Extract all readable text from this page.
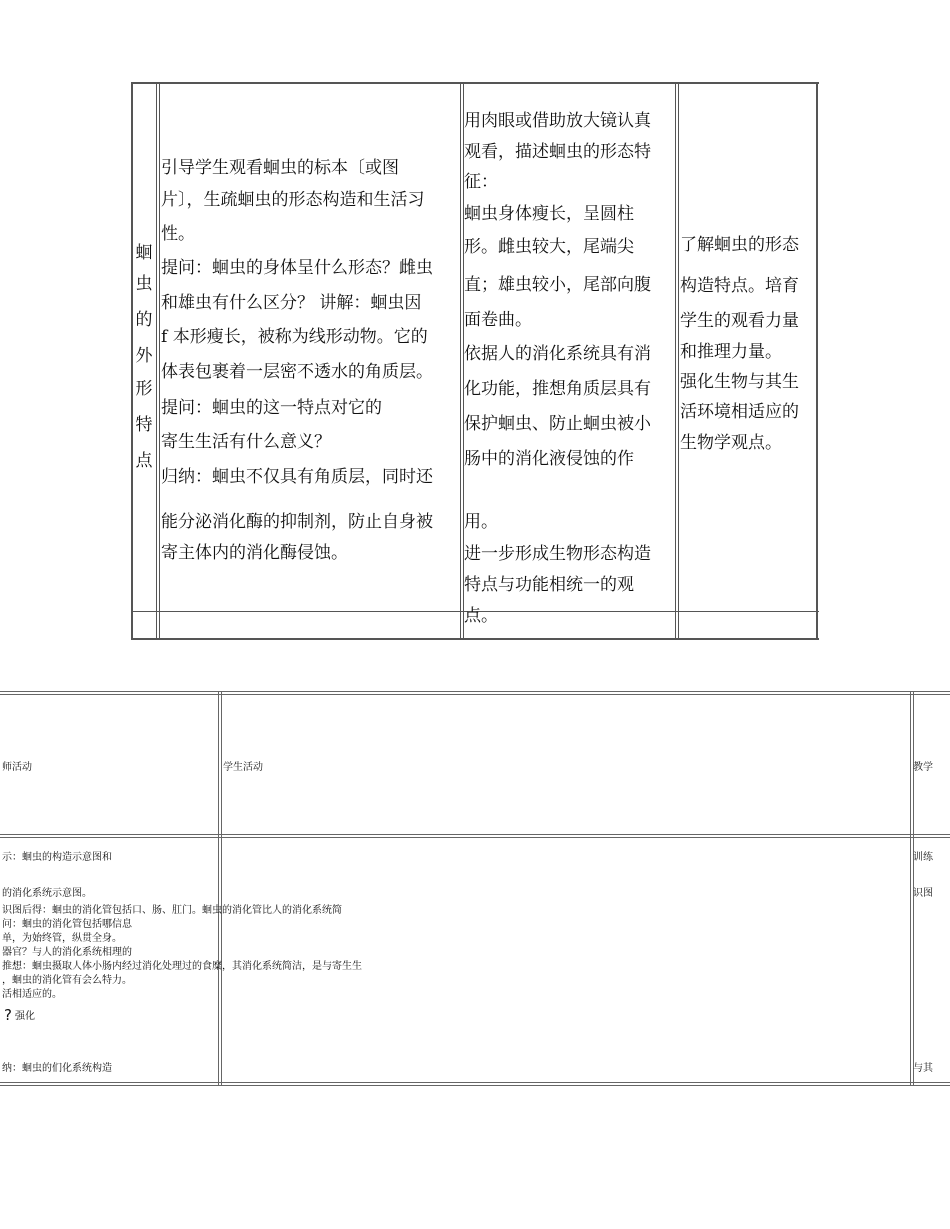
蛔
虫
的
外
形
特
点
引导学生观看蛔虫的标本〔或图
片〕，生疏蛔虫的形态构造和生活习
性。
提问：蛔虫的身体呈什么形态？雌虫
和雄虫有什么区分？ 讲解：蛔虫因
f 本形瘦长，被称为线形动物。它的
体表包裹着一层密不透水的角质层。
提问：蛔虫的这一特点对它的
寄生生活有什么意义？
归纳：蛔虫不仅具有角质层，同时还
能分泌消化酶的抑制剂，防止自身被
寄主体内的消化酶侵蚀。
用肉眼或借助放大镜认真
观看，描述蛔虫的形态特
征：
蛔虫身体瘦长，呈圆柱
形。雌虫较大，尾端尖
直；雄虫较小，尾部向腹
面卷曲。
依据人的消化系统具有消
化功能，推想角质层具有
保护蛔虫、防止蛔虫被小
肠中的消化液侵蚀的作
用。
进一步形成生物形态构造
特点与功能相统一的观
点。
了解蛔虫的形态
构造特点。培育
学生的观看力量
和推理力量。
强化生物与其生
活环境相适应的
生物学观点。
师活动	学生活动	教学
示：蛔虫的构造示意图和
的消化系统示意图。
识图后得：蛔虫的消化管包括口、肠、肛门。蛔虫的消化管比人的消化系统简
问：蛔虫的消化管包括哪信息
单，为始终管，纵贯全身。
器官？与人的消化系统相理的
推想：蛔虫摄取人体小肠内经过消化处理过的食糜，其消化系统简洁，是与寄生生
，蛔虫的消化管有会么特力。
活相适应的。
? 强化
纳：蛔虫的们化系统构造
训练
识图
与其
